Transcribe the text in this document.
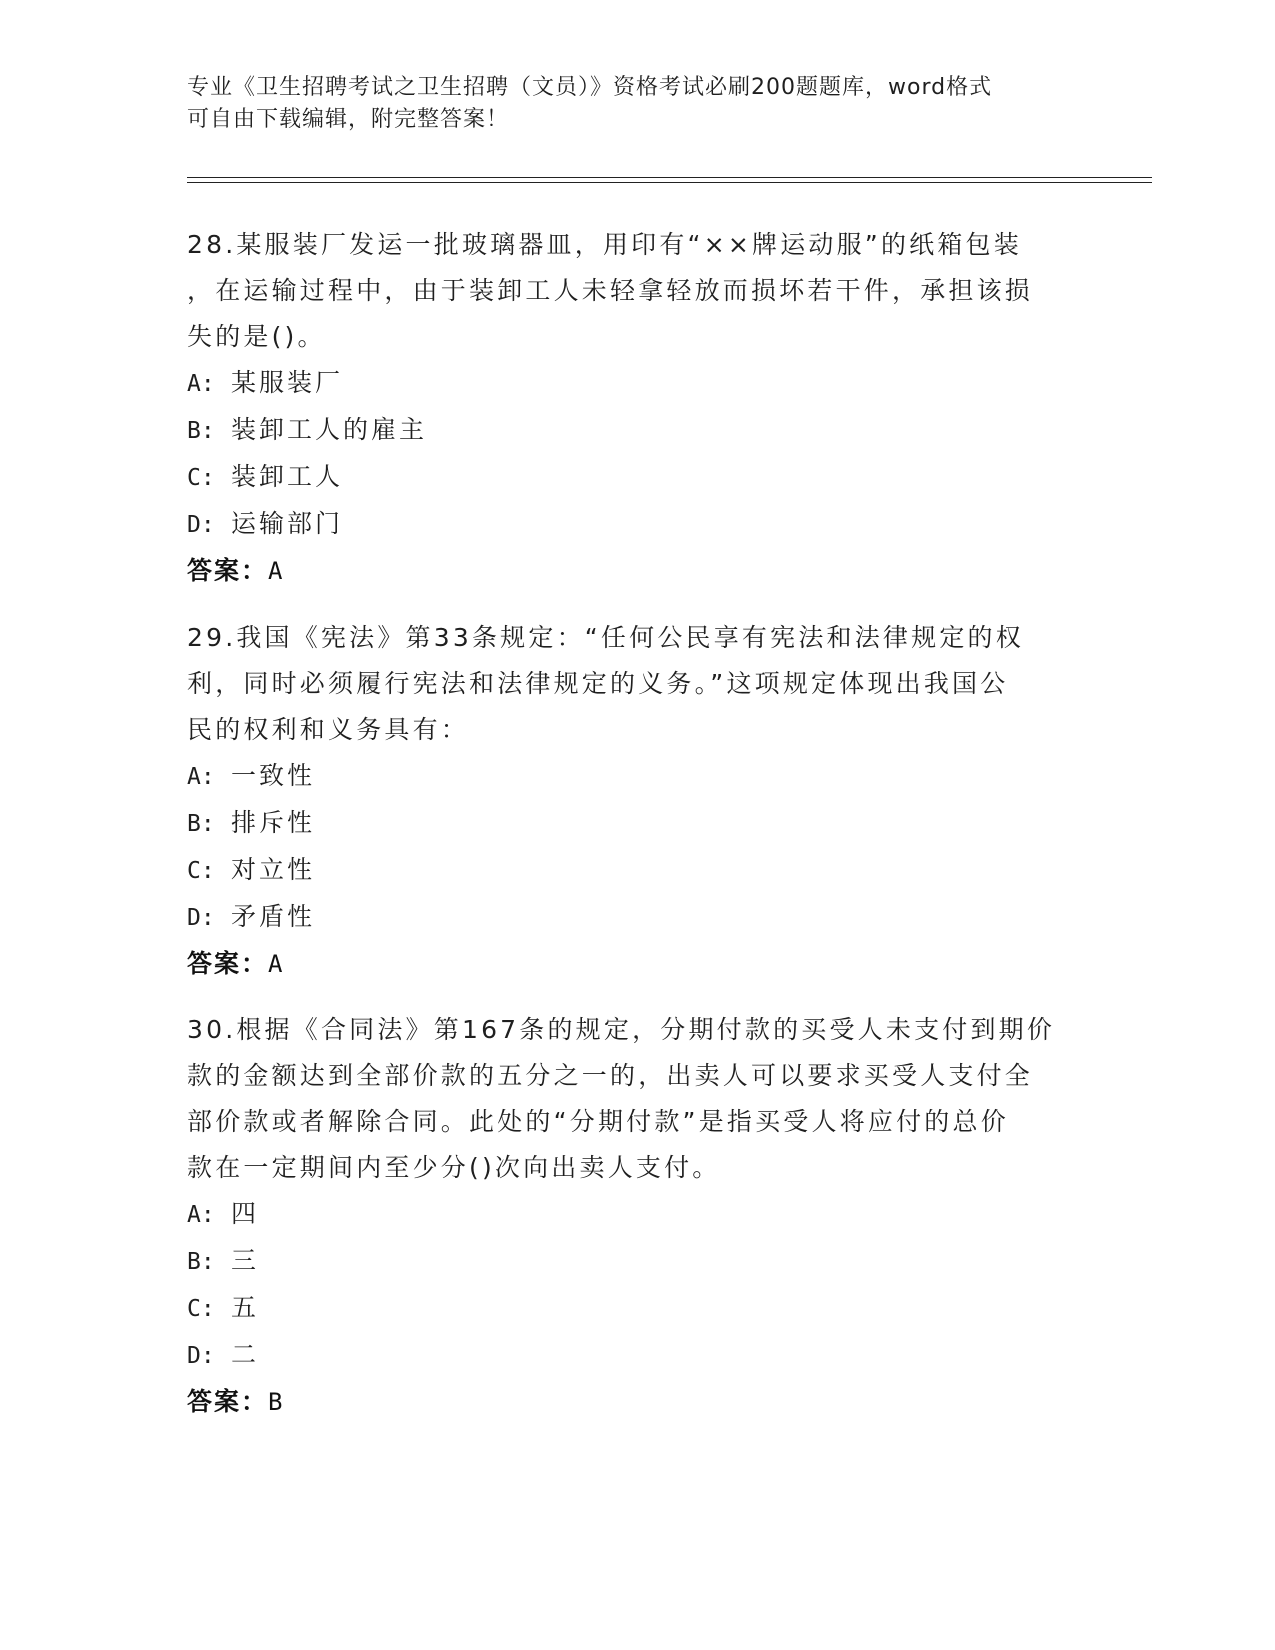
专业《卫生招聘考试之卫生招聘（文员）》资格考试必刷200题题库，word格式
可自由下载编辑，附完整答案！
28.某服装厂发运一批玻璃器皿，用印有“××牌运动服”的纸箱包装
，在运输过程中，由于装卸工人未轻拿轻放而损坏若干件，承担该损
失的是()。
A: 某服装厂
B: 装卸工人的雇主
C: 装卸工人
D: 运输部门
答案：A
29.我国《宪法》第33条规定：“任何公民享有宪法和法律规定的权
利，同时必须履行宪法和法律规定的义务。”这项规定体现出我国公
民的权利和义务具有：
A: 一致性
B: 排斥性
C: 对立性
D: 矛盾性
答案：A
30.根据《合同法》第167条的规定，分期付款的买受人未支付到期价
款的金额达到全部价款的五分之一的，出卖人可以要求买受人支付全
部价款或者解除合同。此处的“分期付款”是指买受人将应付的总价
款在一定期间内至少分()次向出卖人支付。
A: 四
B: 三
C: 五
D: 二
答案：B
